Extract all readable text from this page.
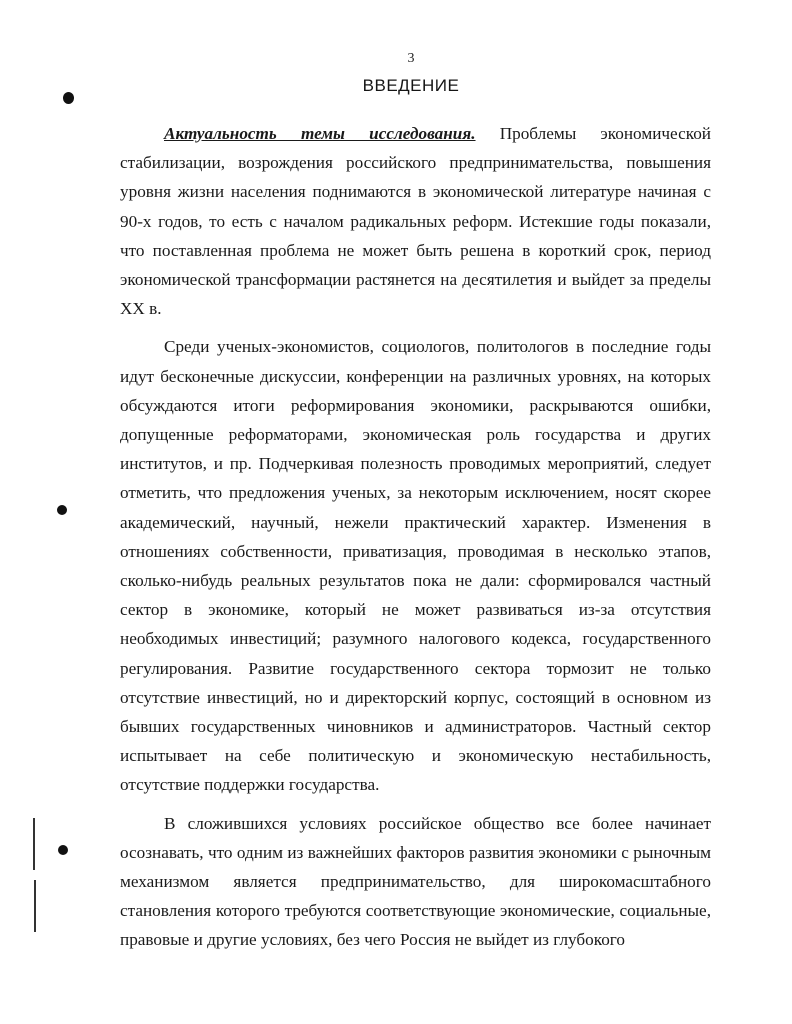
3
ВВЕДЕНИЕ

Актуальность темы исследования. Проблемы экономической стабилизации, возрождения российского предпринимательства, повышения уровня жизни населения поднимаются в экономической литературе начиная с 90-х годов, то есть с началом радикальных реформ. Истекшие годы показали, что поставленная проблема не может быть решена в короткий срок, период экономической трансформации растянется на десятилетия и выйдет за пределы XX в.

Среди ученых-экономистов, социологов, политологов в последние годы идут бесконечные дискуссии, конференции на различных уровнях, на которых обсуждаются итоги реформирования экономики, раскрываются ошибки, допущенные реформаторами, экономическая роль государства и других институтов, и пр. Подчеркивая полезность проводимых мероприятий, следует отметить, что предложения ученых, за некоторым исключением, носят скорее академический, научный, нежели практический характер. Изменения в отношениях собственности, приватизация, проводимая в несколько этапов, сколько-нибудь реальных результатов пока не дали: сформировался частный сектор в экономике, который не может развиваться из-за отсутствия необходимых инвестиций; разумного налогового кодекса, государственного регулирования. Развитие государственного сектора тормозит не только отсутствие инвестиций, но и директорский корпус, состоящий в основном из бывших государственных чиновников и администраторов. Частный сектор испытывает на себе политическую и экономическую нестабильность, отсутствие поддержки государства.

В сложившихся условиях российское общество все более начинает осознавать, что одним из важнейших факторов развития экономики с рыночным механизмом является предпринимательство, для широкомасштабного становления которого требуются соответствующие экономические, социальные, правовые и другие условиях, без чего Россия не выйдет из глубокого
